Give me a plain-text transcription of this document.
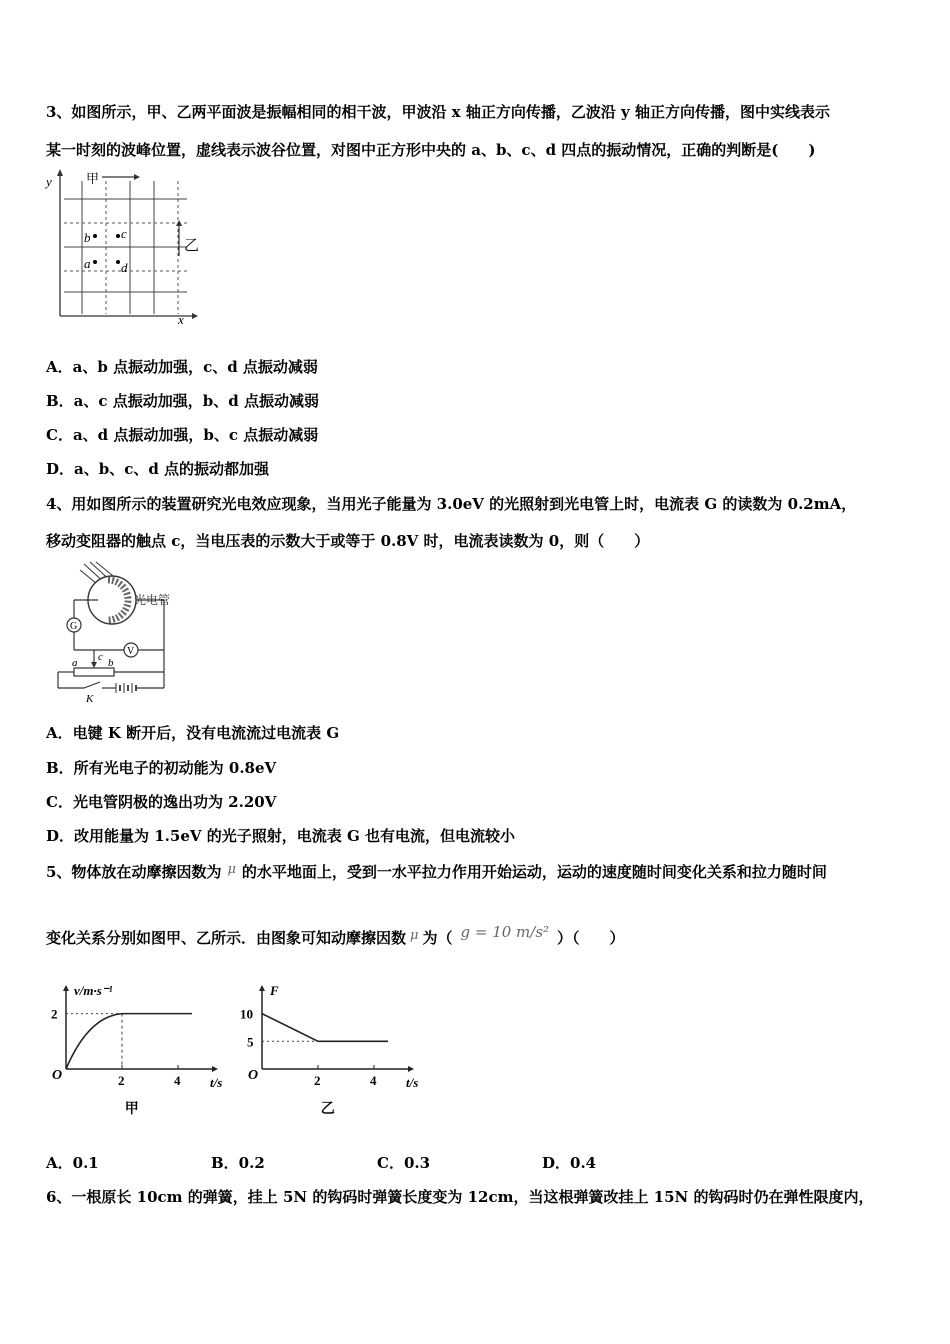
3、如图所示，甲、乙两平面波是振幅相同的相干波，甲波沿 x 轴正方向传播，乙波沿 y 轴正方向传播，图中实线表示
某一时刻的波峰位置，虚线表示波谷位置，对图中正方形中央的 a、b、c、d 四点的振动情况，正确的判断是(　　)
y
x
甲
乙
b c
a d
A．a、b 点振动加强，c、d 点振动减弱
B．a、c 点振动加强，b、d 点振动减弱
C．a、d 点振动加强，b、c 点振动减弱
D．a、b、c、d 点的振动都加强
4、用如图所示的装置研究光电效应现象，当用光子能量为 3.0eV 的光照射到光电管上时，电流表 G 的读数为 0.2mA，
移动变阻器的触点 c，当电压表的示数大于或等于 0.8V 时，电流表读数为 0，则（　　）
光电管
G
V
c
a	b
K
A．电键 K 断开后，没有电流流过电流表 G
B．所有光电子的初动能为 0.8eV
C．光电管阴极的逸出功为 2.20V
D．改用能量为 1.5eV 的光子照射，电流表 G 也有电流，但电流较小
5、物体放在动摩擦因数为 μ 的水平地面上，受到一水平拉力作用开始运动，运动的速度随时间变化关系和拉力随时间
变化关系分别如图甲、乙所示．由图象可知动摩擦因数 μ 为（ g = 10 m/s² ）（　　）
v/m·s⁻¹
t/s
O	2	4
2
甲
F
t/s
O	2	4
10
5
乙
A．0.1	B．0.2	C．0.3	D．0.4
6、一根原长 10cm 的弹簧，挂上 5N 的钩码时弹簧长度变为 12cm，当这根弹簧改挂上 15N 的钩码时仍在弹性限度内，
